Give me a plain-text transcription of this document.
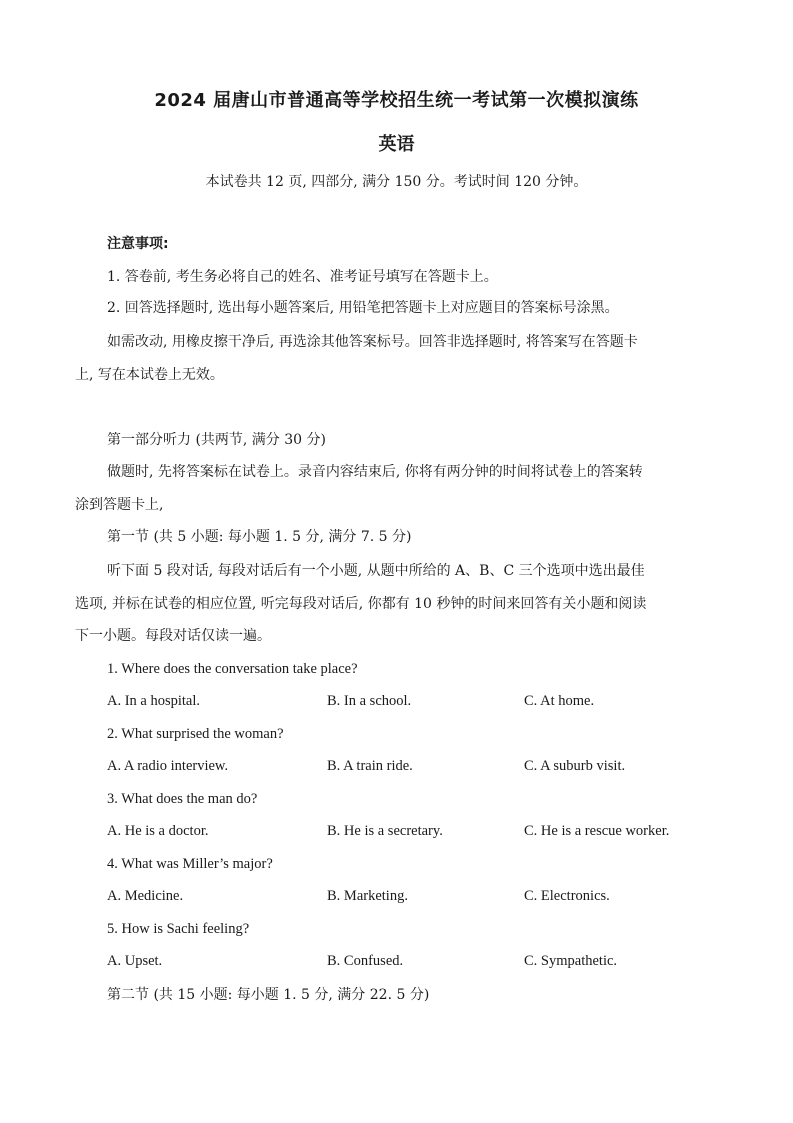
2024 届唐山市普通高等学校招生统一考试第一次模拟演练
英语
本试卷共 12 页, 四部分, 满分 150 分。考试时间 120 分钟。
注意事项:
1. 答卷前, 考生务必将自己的姓名、准考证号填写在答题卡上。
2. 回答选择题时, 选出每小题答案后, 用铅笔把答题卡上对应题目的答案标号涂黑。
如需改动, 用橡皮擦干净后, 再选涂其他答案标号。回答非选择题时, 将答案写在答题卡
上, 写在本试卷上无效。
第一部分听力 (共两节, 满分 30 分)
做题时, 先将答案标在试卷上。录音内容结束后, 你将有两分钟的时间将试卷上的答案转
涂到答题卡上,
第一节 (共 5 小题: 每小题 1. 5 分, 满分 7. 5 分)
听下面 5 段对话, 每段对话后有一个小题, 从题中所给的 A、B、C 三个选项中选出最佳
选项, 并标在试卷的相应位置, 听完每段对话后, 你都有 10 秒钟的时间来回答有关小题和阅读
下一小题。每段对话仅读一遍。
1. Where does the conversation take place?
A. In a hospital.	B. In a school.	C. At home.
2. What surprised the woman?
A. A radio interview.	B. A train ride.	C. A suburb visit.
3. What does the man do?
A. He is a doctor.	B. He is a secretary.	C. He is a rescue worker.
4. What was Miller’s major?
A. Medicine.	B. Marketing.	C. Electronics.
5. How is Sachi feeling?
A. Upset.	B. Confused.	C. Sympathetic.
第二节 (共 15 小题: 每小题 1. 5 分, 满分 22. 5 分)
